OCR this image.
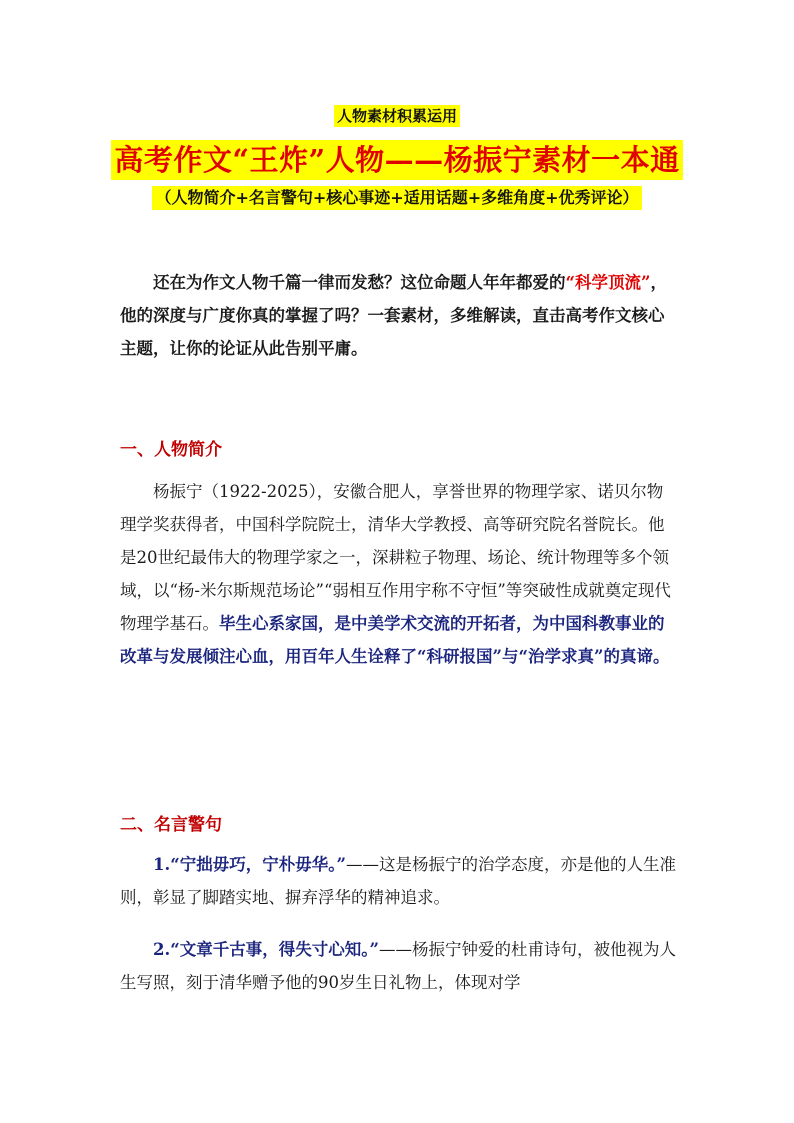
人物素材积累运用
高考作文“王炸”人物——杨振宁素材一本通
（人物简介+名言警句+核心事迹+适用话题+多维角度+优秀评论）

还在为作文人物千篇一律而发愁？这位命题人年年都爱的“科学顶流”，他的深度与广度你真的掌握了吗？一套素材，多维解读，直击高考作文核心主题，让你的论证从此告别平庸。

一、人物简介

杨振宁（1922-2025），安徽合肥人，享誉世界的物理学家、诺贝尔物理学奖获得者，中国科学院院士，清华大学教授、高等研究院名誉院长。他是20世纪最伟大的物理学家之一，深耕粒子物理、场论、统计物理等多个领域，以“杨-米尔斯规范场论”“弱相互作用宇称不守恒”等突破性成就奠定现代物理学基石。毕生心系家国，是中美学术交流的开拓者，为中国科教事业的改革与发展倾注心血，用百年人生诠释了“科研报国”与“治学求真”的真谛。

二、名言警句

1.“宁拙毋巧，宁朴毋华。”——这是杨振宁的治学态度，亦是他的人生准则，彰显了脚踏实地、摒弃浮华的精神追求。

2.“文章千古事，得失寸心知。”——杨振宁钟爱的杜甫诗句，被他视为人生写照，刻于清华赠予他的90岁生日礼物上，体现对学
